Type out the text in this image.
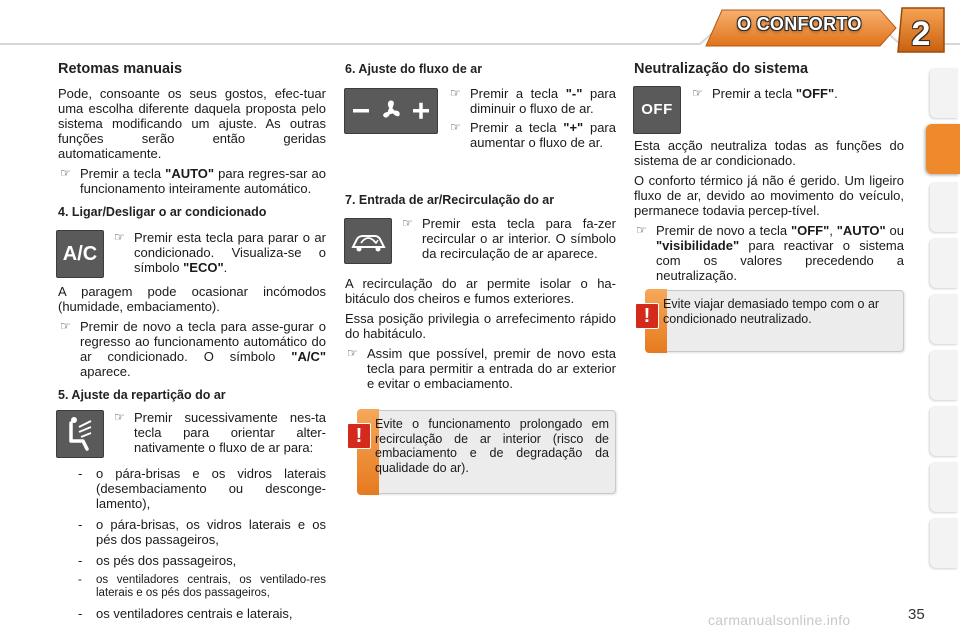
O CONFORTO 2
Retomas manuais

Pode, consoante os seus gostos, efec-tuar uma escolha diferente daquela proposta pelo sistema modificando um ajuste. As outras funções serão então geridas automaticamente.

☞ Premir a tecla "AUTO" para regres-sar ao funcionamento inteiramente automático.
4. Ligar/Desligar o ar condicionado
A/C
☞ Premir esta tecla para parar o ar condicionado. Visualiza-se o símbolo "ECO".

A paragem pode ocasionar incómodos (humidade, embaciamento).

☞ Premir de novo a tecla para asse-gurar o regresso ao funcionamento automático do ar condicionado. O símbolo "A/C" aparece.
5. Ajuste da repartição do ar
☞ Premir sucessivamente nes-ta tecla para orientar alter-nativamente o fluxo de ar para:
- o pára-brisas e os vidros laterais (desembaciamento ou desconge-lamento),
- o pára-brisas, os vidros laterais e os pés dos passageiros,
- os pés dos passageiros,
- os ventiladores centrais, os ventilado-res laterais e os pés dos passageiros,
- os ventiladores centrais e laterais,
6. Ajuste do fluxo de ar
☞ Premir a tecla "-" para diminuir o fluxo de ar.
☞ Premir a tecla "+" para aumentar o fluxo de ar.
7. Entrada de ar/Recirculação do ar
☞ Premir esta tecla para fa-zer recircular o ar interior. O símbolo da recirculação de ar aparece.

A recirculação do ar permite isolar o ha-bitáculo dos cheiros e fumos exteriores.

Essa posição privilegia o arrefecimento rápido do habitáculo.

☞ Assim que possível, premir de novo esta tecla para permitir a entrada do ar exterior e evitar o embaciamento.
!
Evite o funcionamento prolongado em recirculação de ar interior (risco de embaciamento e de degradação da qualidade do ar).
Neutralização do sistema
OFF
☞ Premir a tecla "OFF".

Esta acção neutraliza todas as funções do sistema de ar condicionado.

O conforto térmico já não é gerido. Um ligeiro fluxo de ar, devido ao movimento do veículo, permanece todavia percep-tível.

☞ Premir de novo a tecla "OFF", "AUTO" ou "visibilidade" para reactivar o sistema com os valores precedendo a neutralização.
!
Evite viajar demasiado tempo com o ar condicionado neutralizado.
carmanualsonline.info	35
